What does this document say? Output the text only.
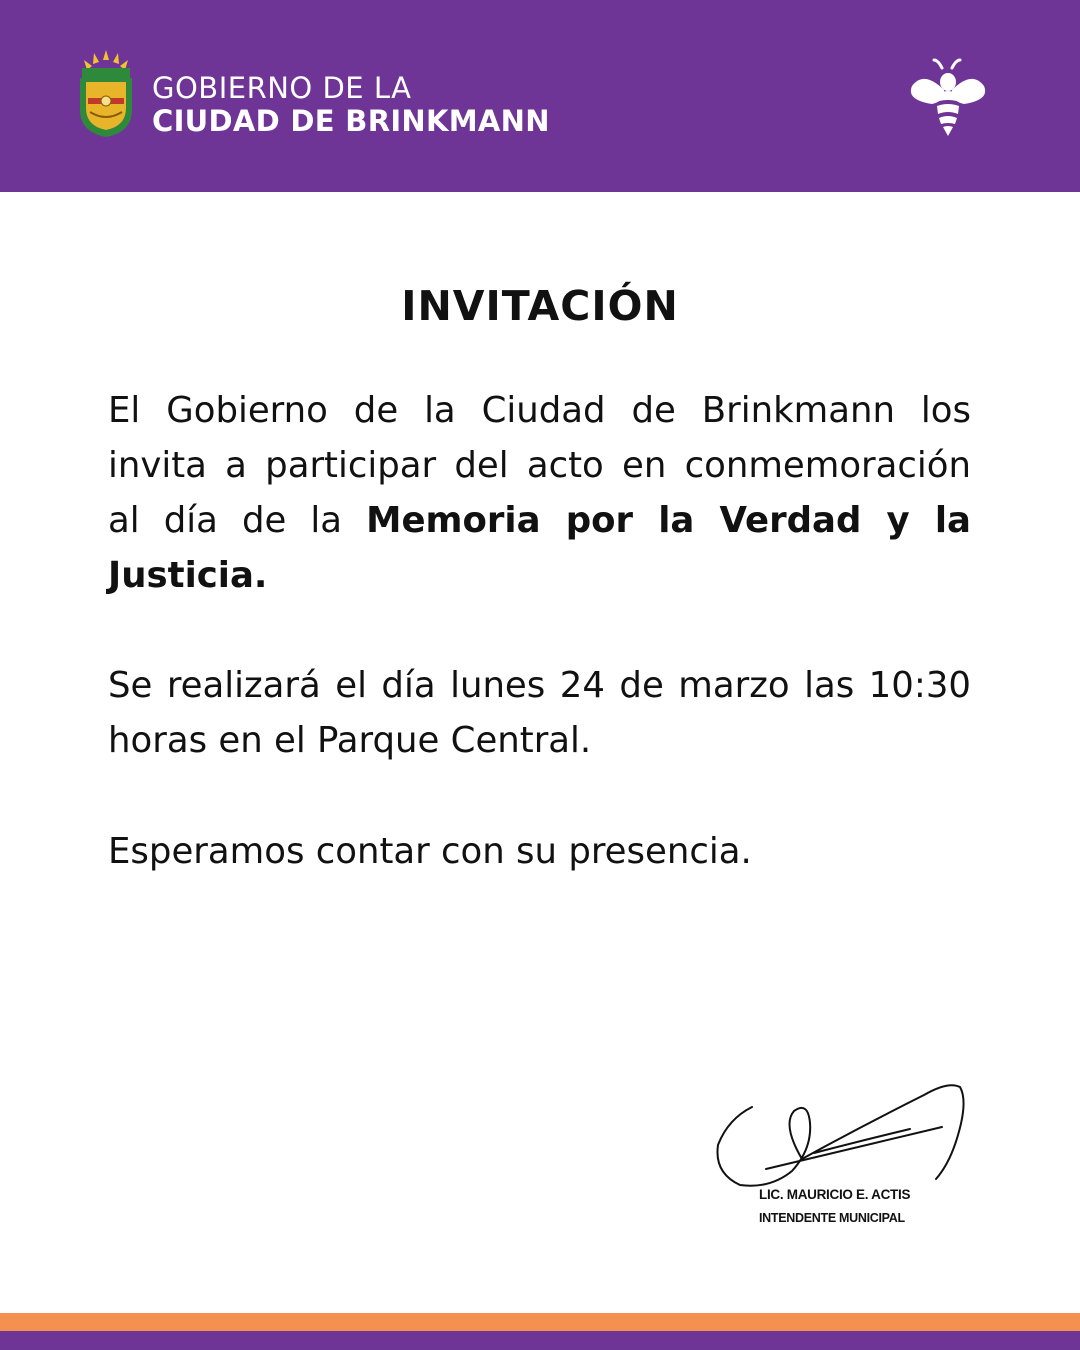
GOBIERNO DE LA
CIUDAD DE BRINKMANN
INVITACIÓN
El Gobierno de la Ciudad de Brinkmann los invita a participar del acto en conmemoración al día de la Memoria por la Verdad y la Justicia.
Se realizará el día lunes 24 de marzo las 10:30 horas en el Parque Central.
Esperamos contar con su presencia.
LIC. MAURICIO E. ACTIS
INTENDENTE MUNICIPAL
